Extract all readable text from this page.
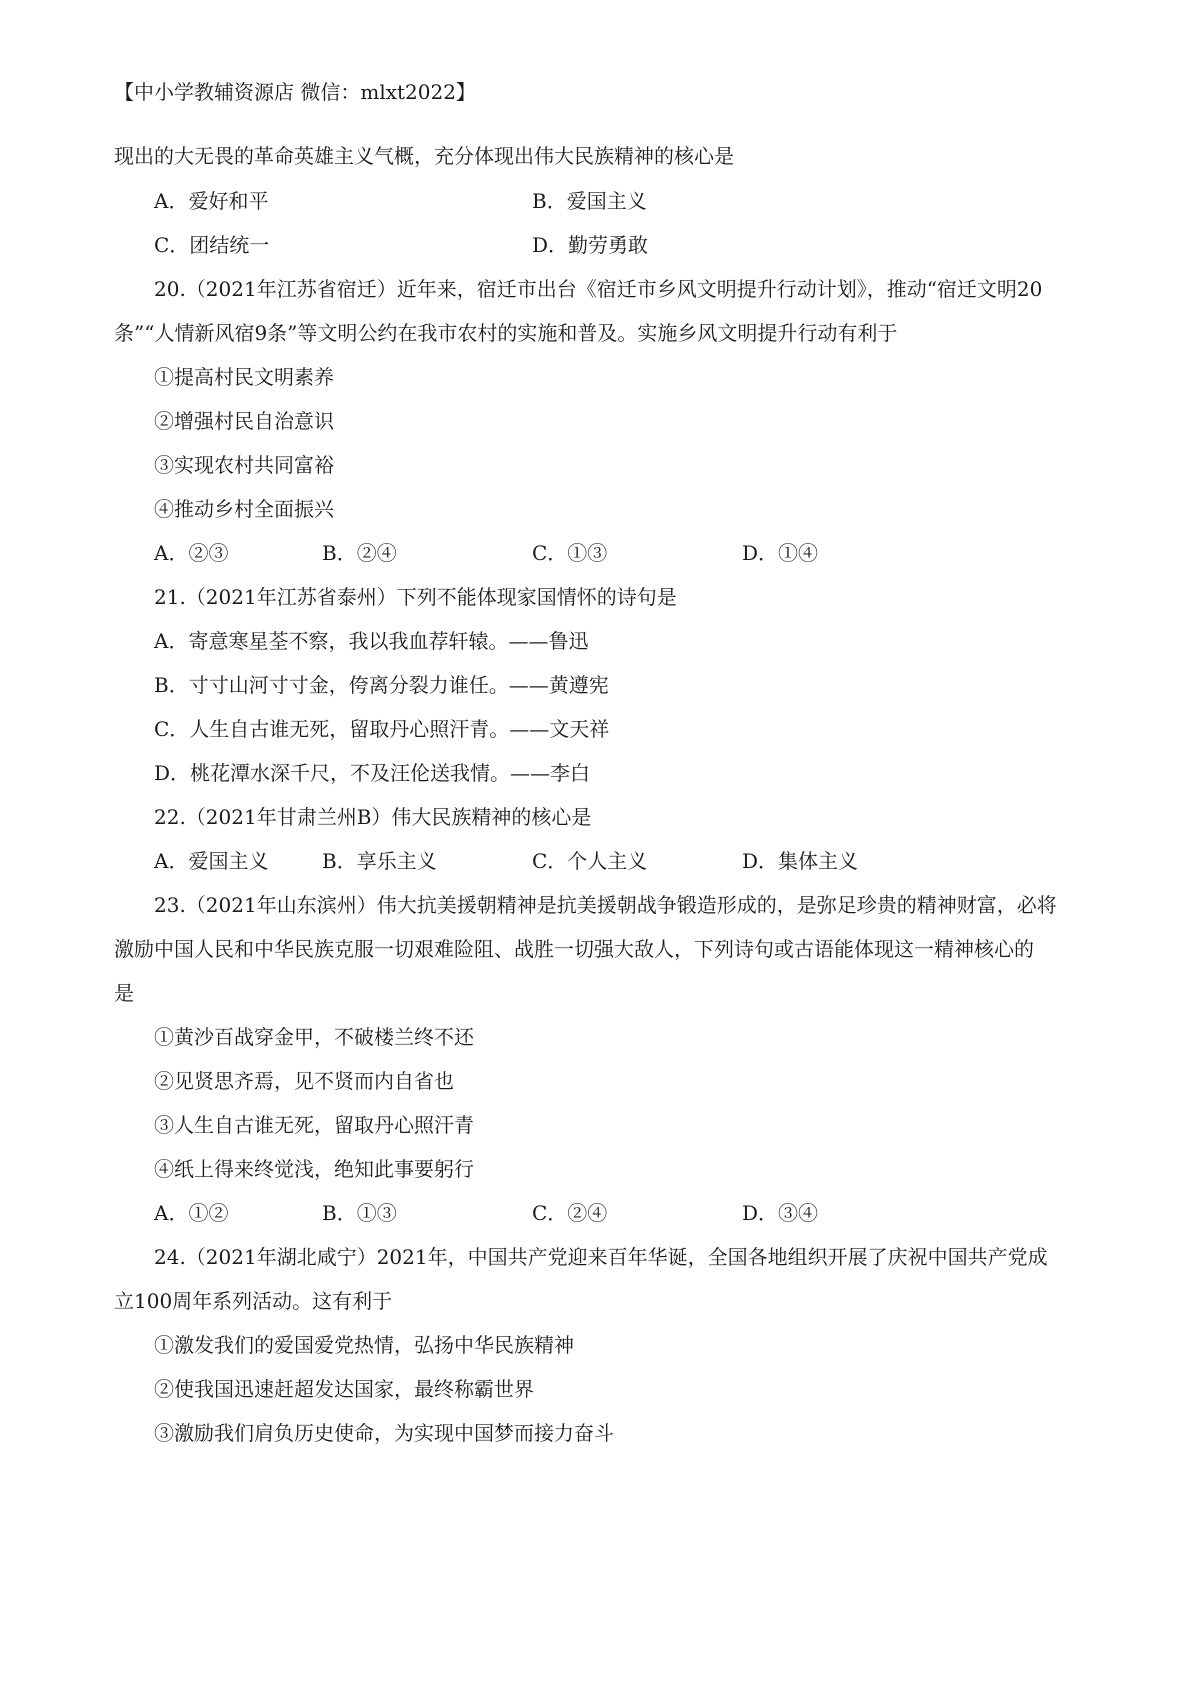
【中小学教辅资源店 微信：mlxt2022】
现出的大无畏的革命英雄主义气概，充分体现出伟大民族精神的核心是
A．爱好和平	B．爱国主义
C．团结统一	D．勤劳勇敢
20.（2021年江苏省宿迁）近年来，宿迁市出台《宿迁市乡风文明提升行动计划》，推动“宿迁文明20
条”“人情新风宿9条”等文明公约在我市农村的实施和普及。实施乡风文明提升行动有利于
①提高村民文明素养
②增强村民自治意识
③实现农村共同富裕
④推动乡村全面振兴
A．②③	B．②④	C．①③	D．①④
21.（2021年江苏省泰州）下列不能体现家国情怀的诗句是
A．寄意寒星荃不察，我以我血荐轩辕。——鲁迅
B．寸寸山河寸寸金，侉离分裂力谁任。——黄遵宪
C．人生自古谁无死，留取丹心照汗青。——文天祥
D．桃花潭水深千尺，不及汪伦送我情。——李白
22.（2021年甘肃兰州B）伟大民族精神的核心是
A．爱国主义	B．享乐主义	C．个人主义	D．集体主义
23.（2021年山东滨州）伟大抗美援朝精神是抗美援朝战争锻造形成的，是弥足珍贵的精神财富，必将
激励中国人民和中华民族克服一切艰难险阻、战胜一切强大敌人，下列诗句或古语能体现这一精神核心的
是
①黄沙百战穿金甲，不破楼兰终不还
②见贤思齐焉，见不贤而内自省也
③人生自古谁无死，留取丹心照汗青
④纸上得来终觉浅，绝知此事要躬行
A．①②	B．①③	C．②④	D．③④
24.（2021年湖北咸宁）2021年，中国共产党迎来百年华诞，全国各地组织开展了庆祝中国共产党成
立100周年系列活动。这有利于
①激发我们的爱国爱党热情，弘扬中华民族精神
②使我国迅速赶超发达国家，最终称霸世界
③激励我们肩负历史使命，为实现中国梦而接力奋斗
